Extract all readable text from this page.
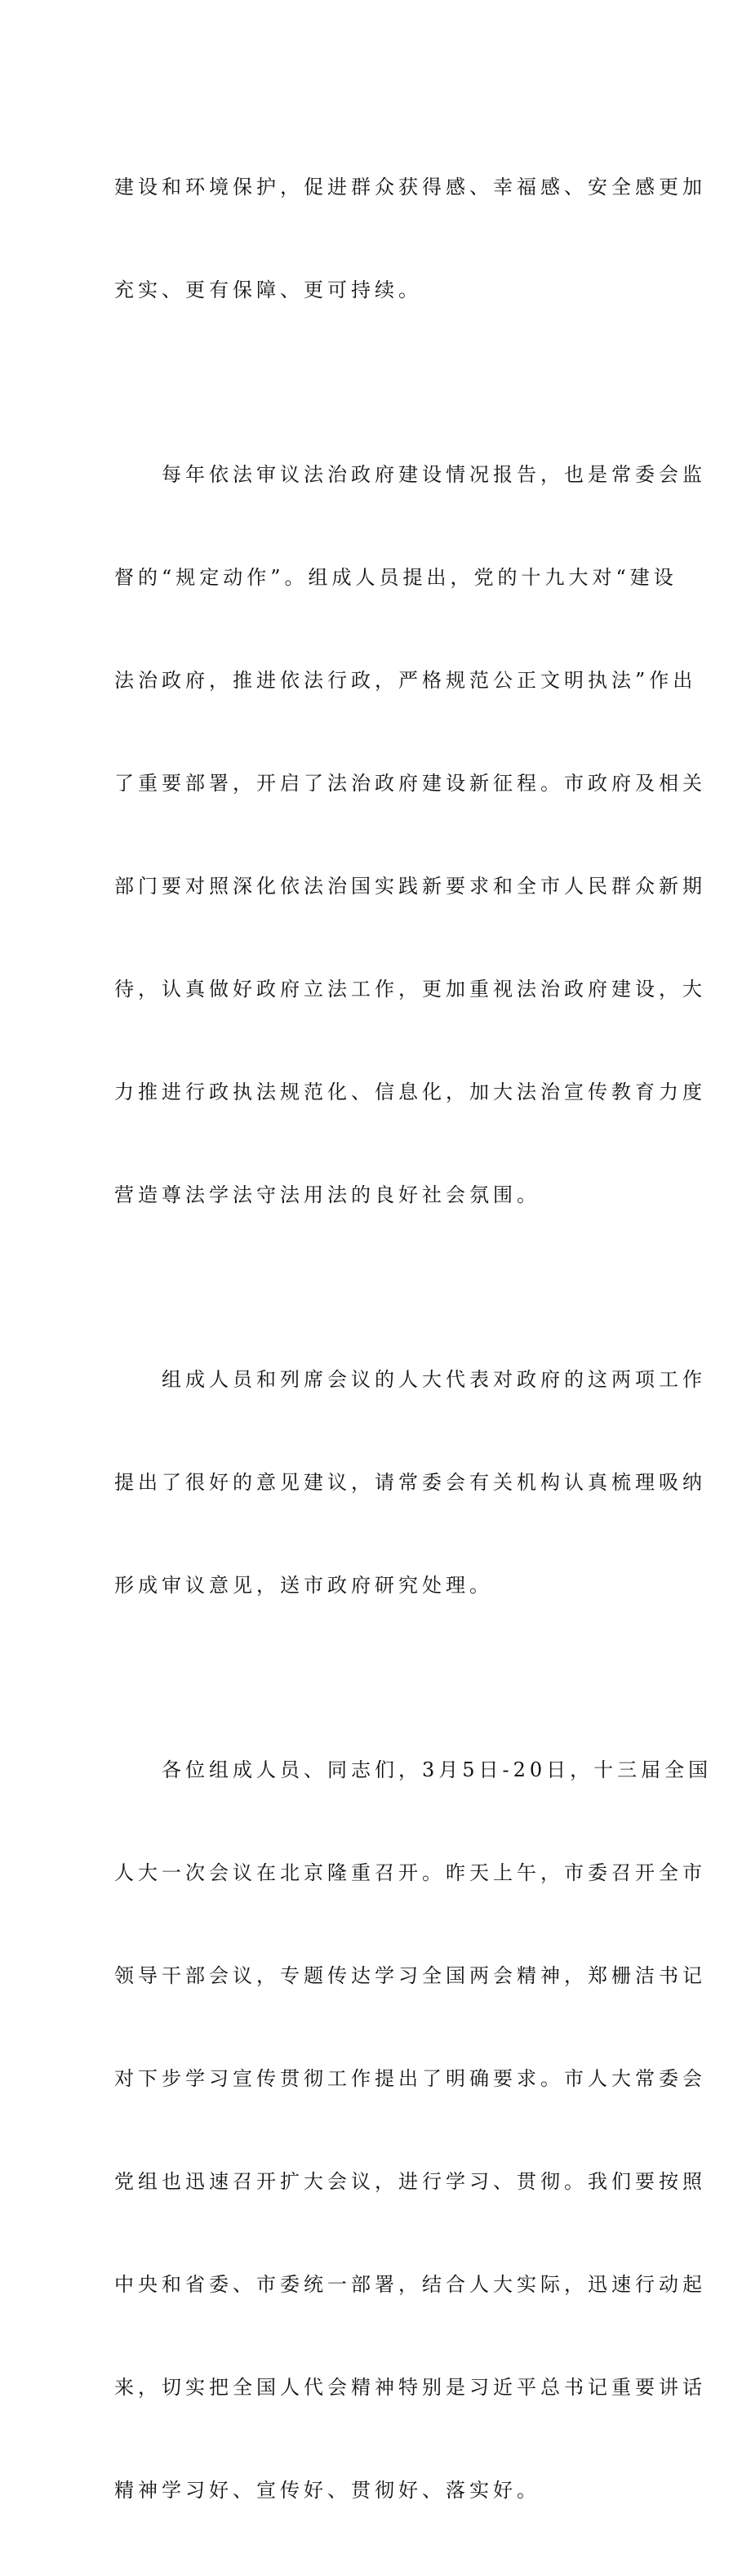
建设和环境保护，促进群众获得感、幸福感、安全感更加

充实、更有保障、更可持续。

　　每年依法审议法治政府建设情况报告，也是常委会监

督的“规定动作”。组成人员提出，党的十九大对“建设

法治政府，推进依法行政，严格规范公正文明执法”作出

了重要部署，开启了法治政府建设新征程。市政府及相关

部门要对照深化依法治国实践新要求和全市人民群众新期

待，认真做好政府立法工作，更加重视法治政府建设，大

力推进行政执法规范化、信息化，加大法治宣传教育力度

营造尊法学法守法用法的良好社会氛围。

　　组成人员和列席会议的人大代表对政府的这两项工作

提出了很好的意见建议，请常委会有关机构认真梳理吸纳

形成审议意见，送市政府研究处理。

　　各位组成人员、同志们，3月5日-20日，十三届全国

人大一次会议在北京隆重召开。昨天上午，市委召开全市

领导干部会议，专题传达学习全国两会精神，郑栅洁书记

对下步学习宣传贯彻工作提出了明确要求。市人大常委会

党组也迅速召开扩大会议，进行学习、贯彻。我们要按照

中央和省委、市委统一部署，结合人大实际，迅速行动起

来，切实把全国人代会精神特别是习近平总书记重要讲话

精神学习好、宣传好、贯彻好、落实好。
